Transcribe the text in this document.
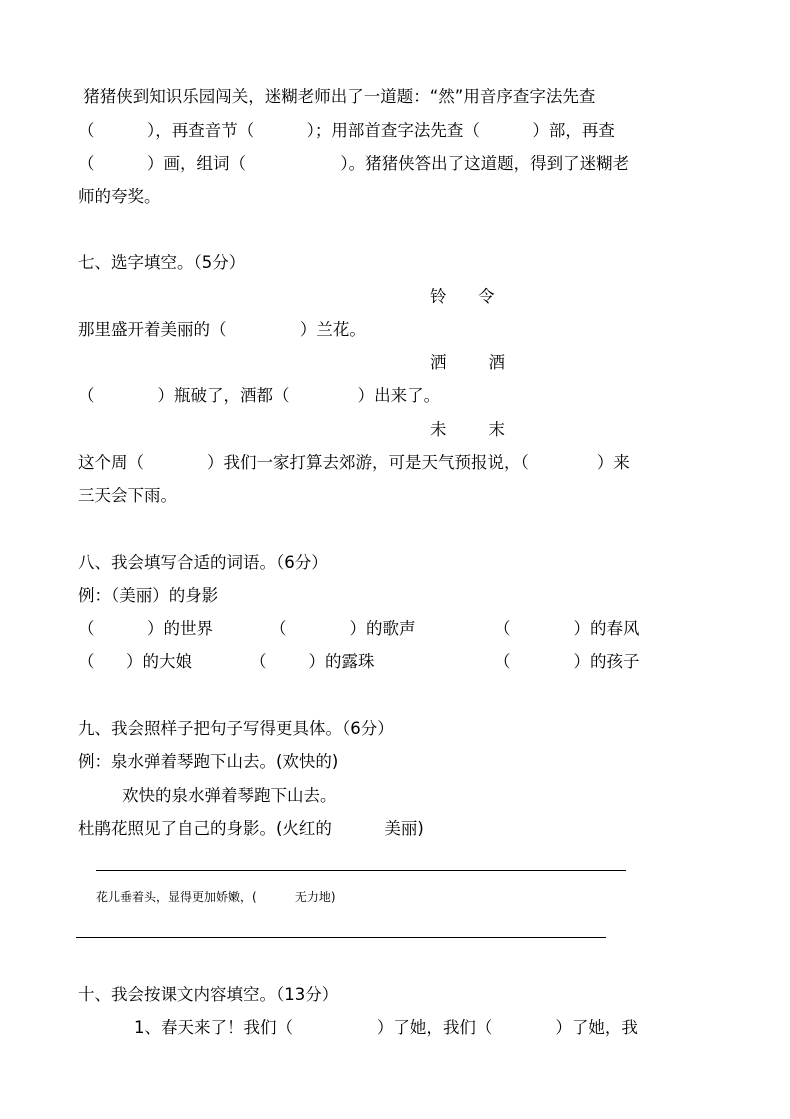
猪猪侠到知识乐园闯关，迷糊老师出了一道题：“然”用音序查字法先查
（          ），再查音节（          ）；用部首查字法先查（          ）部，再查
（          ）画，组词（                  ）。猪猪侠答出了这道题，得到了迷糊老
师的夸奖。
七、选字填空。（5分）
铃      令
那里盛开着美丽的（              ）兰花。
洒        酒
（            ）瓶破了，酒都（             ）出来了。
未        末
这个周（            ）我们一家打算去郊游，可是天气预报说，（             ）来
三天会下雨。
八、我会填写合适的词语。（6分）
例：（美丽）的身影
（          ）的世界	（            ）的歌声	（            ）的春风
（      ）的大娘	（        ）的露珠	（            ）的孩子
九、我会照样子把句子写得更具体。（6分）
例：泉水弹着琴跑下山去。(欢快的)
欢快的泉水弹着琴跑下山去。
杜鹃花照见了自己的身影。(火红的          美丽)
花儿垂着头，显得更加娇嫩，(          无力地)
十、我会按课文内容填空。（13分）
1、春天来了！我们（                ）了她，我们（            ）了她，我
